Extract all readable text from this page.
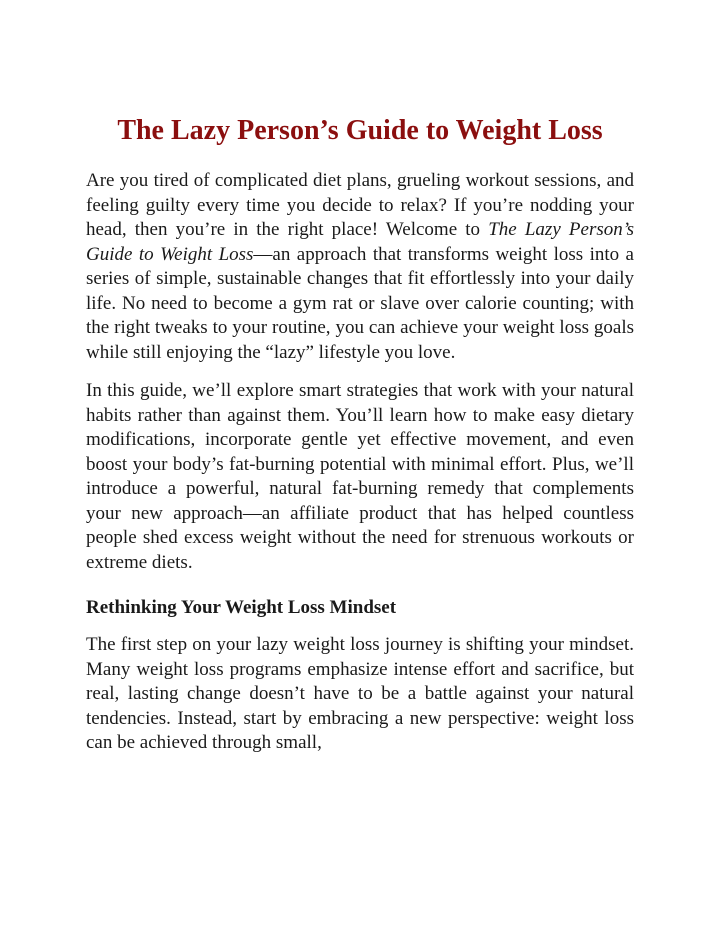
The Lazy Person’s Guide to Weight Loss

Are you tired of complicated diet plans, grueling workout sessions, and feeling guilty every time you decide to relax? If you’re nodding your head, then you’re in the right place! Welcome to The Lazy Person’s Guide to Weight Loss—an approach that transforms weight loss into a series of simple, sustainable changes that fit effortlessly into your daily life. No need to become a gym rat or slave over calorie counting; with the right tweaks to your routine, you can achieve your weight loss goals while still enjoying the “lazy” lifestyle you love.

In this guide, we’ll explore smart strategies that work with your natural habits rather than against them. You’ll learn how to make easy dietary modifications, incorporate gentle yet effective movement, and even boost your body’s fat-burning potential with minimal effort. Plus, we’ll introduce a powerful, natural fat-burning remedy that complements your new approach—an affiliate product that has helped countless people shed excess weight without the need for strenuous workouts or extreme diets.

Rethinking Your Weight Loss Mindset

The first step on your lazy weight loss journey is shifting your mindset. Many weight loss programs emphasize intense effort and sacrifice, but real, lasting change doesn’t have to be a battle against your natural tendencies. Instead, start by embracing a new perspective: weight loss can be achieved through small,
